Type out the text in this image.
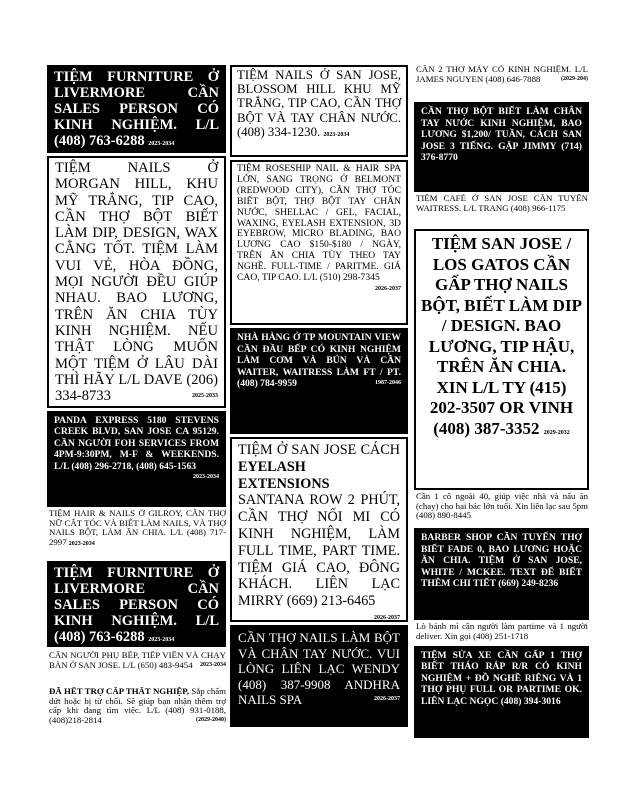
TIỆM FURNITURE Ở LIVERMORE CẦN SALES PERSON CÓ KINH NGHIỆM. L/L (408) 763-6288 2023-2034
TIỆM NAILS Ở MORGAN HILL, KHU MỸ TRẮNG, TIP CAO, CẦN THỢ BỘT BIẾT LÀM DIP, DESIGN, WAX CẰNG TỐT. TIỆM LÀM VUI VẺ, HÒA ĐỒNG, MỌI NGƯỜI ĐỀU GIÚP NHAU. BAO LƯƠNG, TRÊN ĂN CHIA TÙY KINH NGHIỆM. NẾU THẬT LÒNG MUỐN MỘT TIỆM Ở LÂU DÀI THÌ HÃY L/L DAVE (206) 334-8733	2025-2033
PANDA EXPRESS 5180 STEVENS CREEK BLVD, SAN JOSE CA 95129. CẦN NGƯỜI FOH SERVICES FROM 4PM-9:30PM, M-F & WEEKENDS. L/L (408) 296-2718, (408) 645-1563
2023-2034
TIỆM HAIR & NAILS Ở GILROY, CẦN THỢ NỮ CẮT TÓC VÀ BIẾT LÀM NAILS, VÀ THỢ NAILS BỘT, LÀM ĂN CHIA. L/L (408) 717-2997 2023-2034
TIỆM FURNITURE Ở LIVERMORE CẦN SALES PERSON CÓ KINH NGHIỆM. L/L (408) 763-6288 2023-2034
CẦN NGƯỜI PHỤ BẾP, TIẾP VIÊN VÀ CHẠY BÀN Ở SAN JOSE. L/L (650) 483-9454 2023-2034
ĐÃ HẾT TRỢ CẤP THẤT NGHIỆP, Sắp chấm dứt hoặc bị từ chối. Sẽ giúp bạn nhận thêm trợ cấp khi đang tìm việc. L/L (408) 931-0188, (408)218-2814	(2029-2040)
TIỆM NAILS Ở SAN JOSE, BLOSSOM HILL KHU MỸ TRẮNG, TIP CAO, CẦN THỢ BỘT VÀ TAY CHÂN NƯỚC. (408) 334-1230. 2023-2034
TIỆM ROSESHIP NAIL & HAIR SPA LỚN, SANG TRỌNG Ở BELMONT (REDWOOD CITY), CẦN THỢ TÓC BIẾT BỘT, THỢ BỘT TAY CHÂN NƯỚC, SHELLAC / GEL, FACIAL, WAXING, EYELASH EXTENSION, 3D EYEBROW, MICRO BLADING, BAO LƯƠNG CAO $150-$180 / NGÀY, TRÊN ĂN CHIA TÙY THEO TAY NGHỀ. FULL-TIME / PARITME. GIÁ CAO, TIP CAO. L/L (510) 298-7345
2026-2037
NHÀ HÀNG Ở TP MOUNTAIN VIEW CẦN ĐẦU BẾP CÓ KINH NGHIỆM LÀM CƠM VÀ BÚN VÀ CẦN WAITER, WAITRESS LÀM FT / PT. (408) 784-9959	1987-2046
TIỆM
EYELASH EXTENSIONS
Ở SAN JOSE CÁCH SANTANA ROW 2 PHÚT, CẦN THỢ NỐI MI CÓ KINH NGHIỆM, LÀM FULL TIME, PART TIME. TIỆM GIÁ CAO, ĐÔNG KHÁCH. LIÊN LẠC MIRRY (669) 213-6465
2026-2037
CẦN THỢ NAILS LÀM BỘT VÀ CHÂN TAY NƯỚC. VUI LÒNG LIÊN LẠC WENDY (408) 387-9908 ANDHRA NAILS SPA	2026-2037
CẦN 2 THỢ MÁY CÓ KINH NGHIỆM. L/L JAMES NGUYEN (408) 646-7888	(2029-204)
CẦN THỢ BỘT BIẾT LÀM CHÂN TAY NƯỚC KINH NGHIỆM, BAO LƯƠNG $1,200/ TUẦN, CÁCH SAN JOSE 3 TIẾNG. GẶP JIMMY (714) 376-8770
TIỆM CAFÉ Ở SAN JOSE CẦN TUYỂN WAITRESS. L/L TRANG (408) 966-1175
TIỆM SAN JOSE / LOS GATOS CẦN GẤP THỢ NAILS BỘT, BIẾT LÀM DIP / DESIGN. BAO LƯƠNG, TIP HẬU, TRÊN ĂN CHIA. XIN L/L TY (415) 202-3507 OR VINH (408) 387-3352 2029-2032
Cần 1 cô ngoài 40, giúp việc nhà và nấu ăn (chay) cho hai bác lớn tuổi. Xin liên lạc sau 5pm (408) 890-8445
BARBER SHOP CẦN TUYỂN THỢ BIẾT FADE 0, BAO LƯƠNG HOẶC ĂN CHIA. TIỆM Ở SAN JOSE, WHITE / MCKEE. TEXT ĐỂ BIẾT THÊM CHI TIẾT (669) 249-8236
Lò bánh mì cần người làm partime và 1 người deliver. Xin gọi (408) 251-1718
TIỆM SỬA XE CẦN GẤP 1 THỢ BIẾT THÁO RÁP R/R CÓ KINH NGHIỆM + ĐỒ NGHỀ RIÊNG VÀ 1 THỢ PHỤ FULL OR PARTIME OK. LIÊN LẠC NGỌC (408) 394-3016
